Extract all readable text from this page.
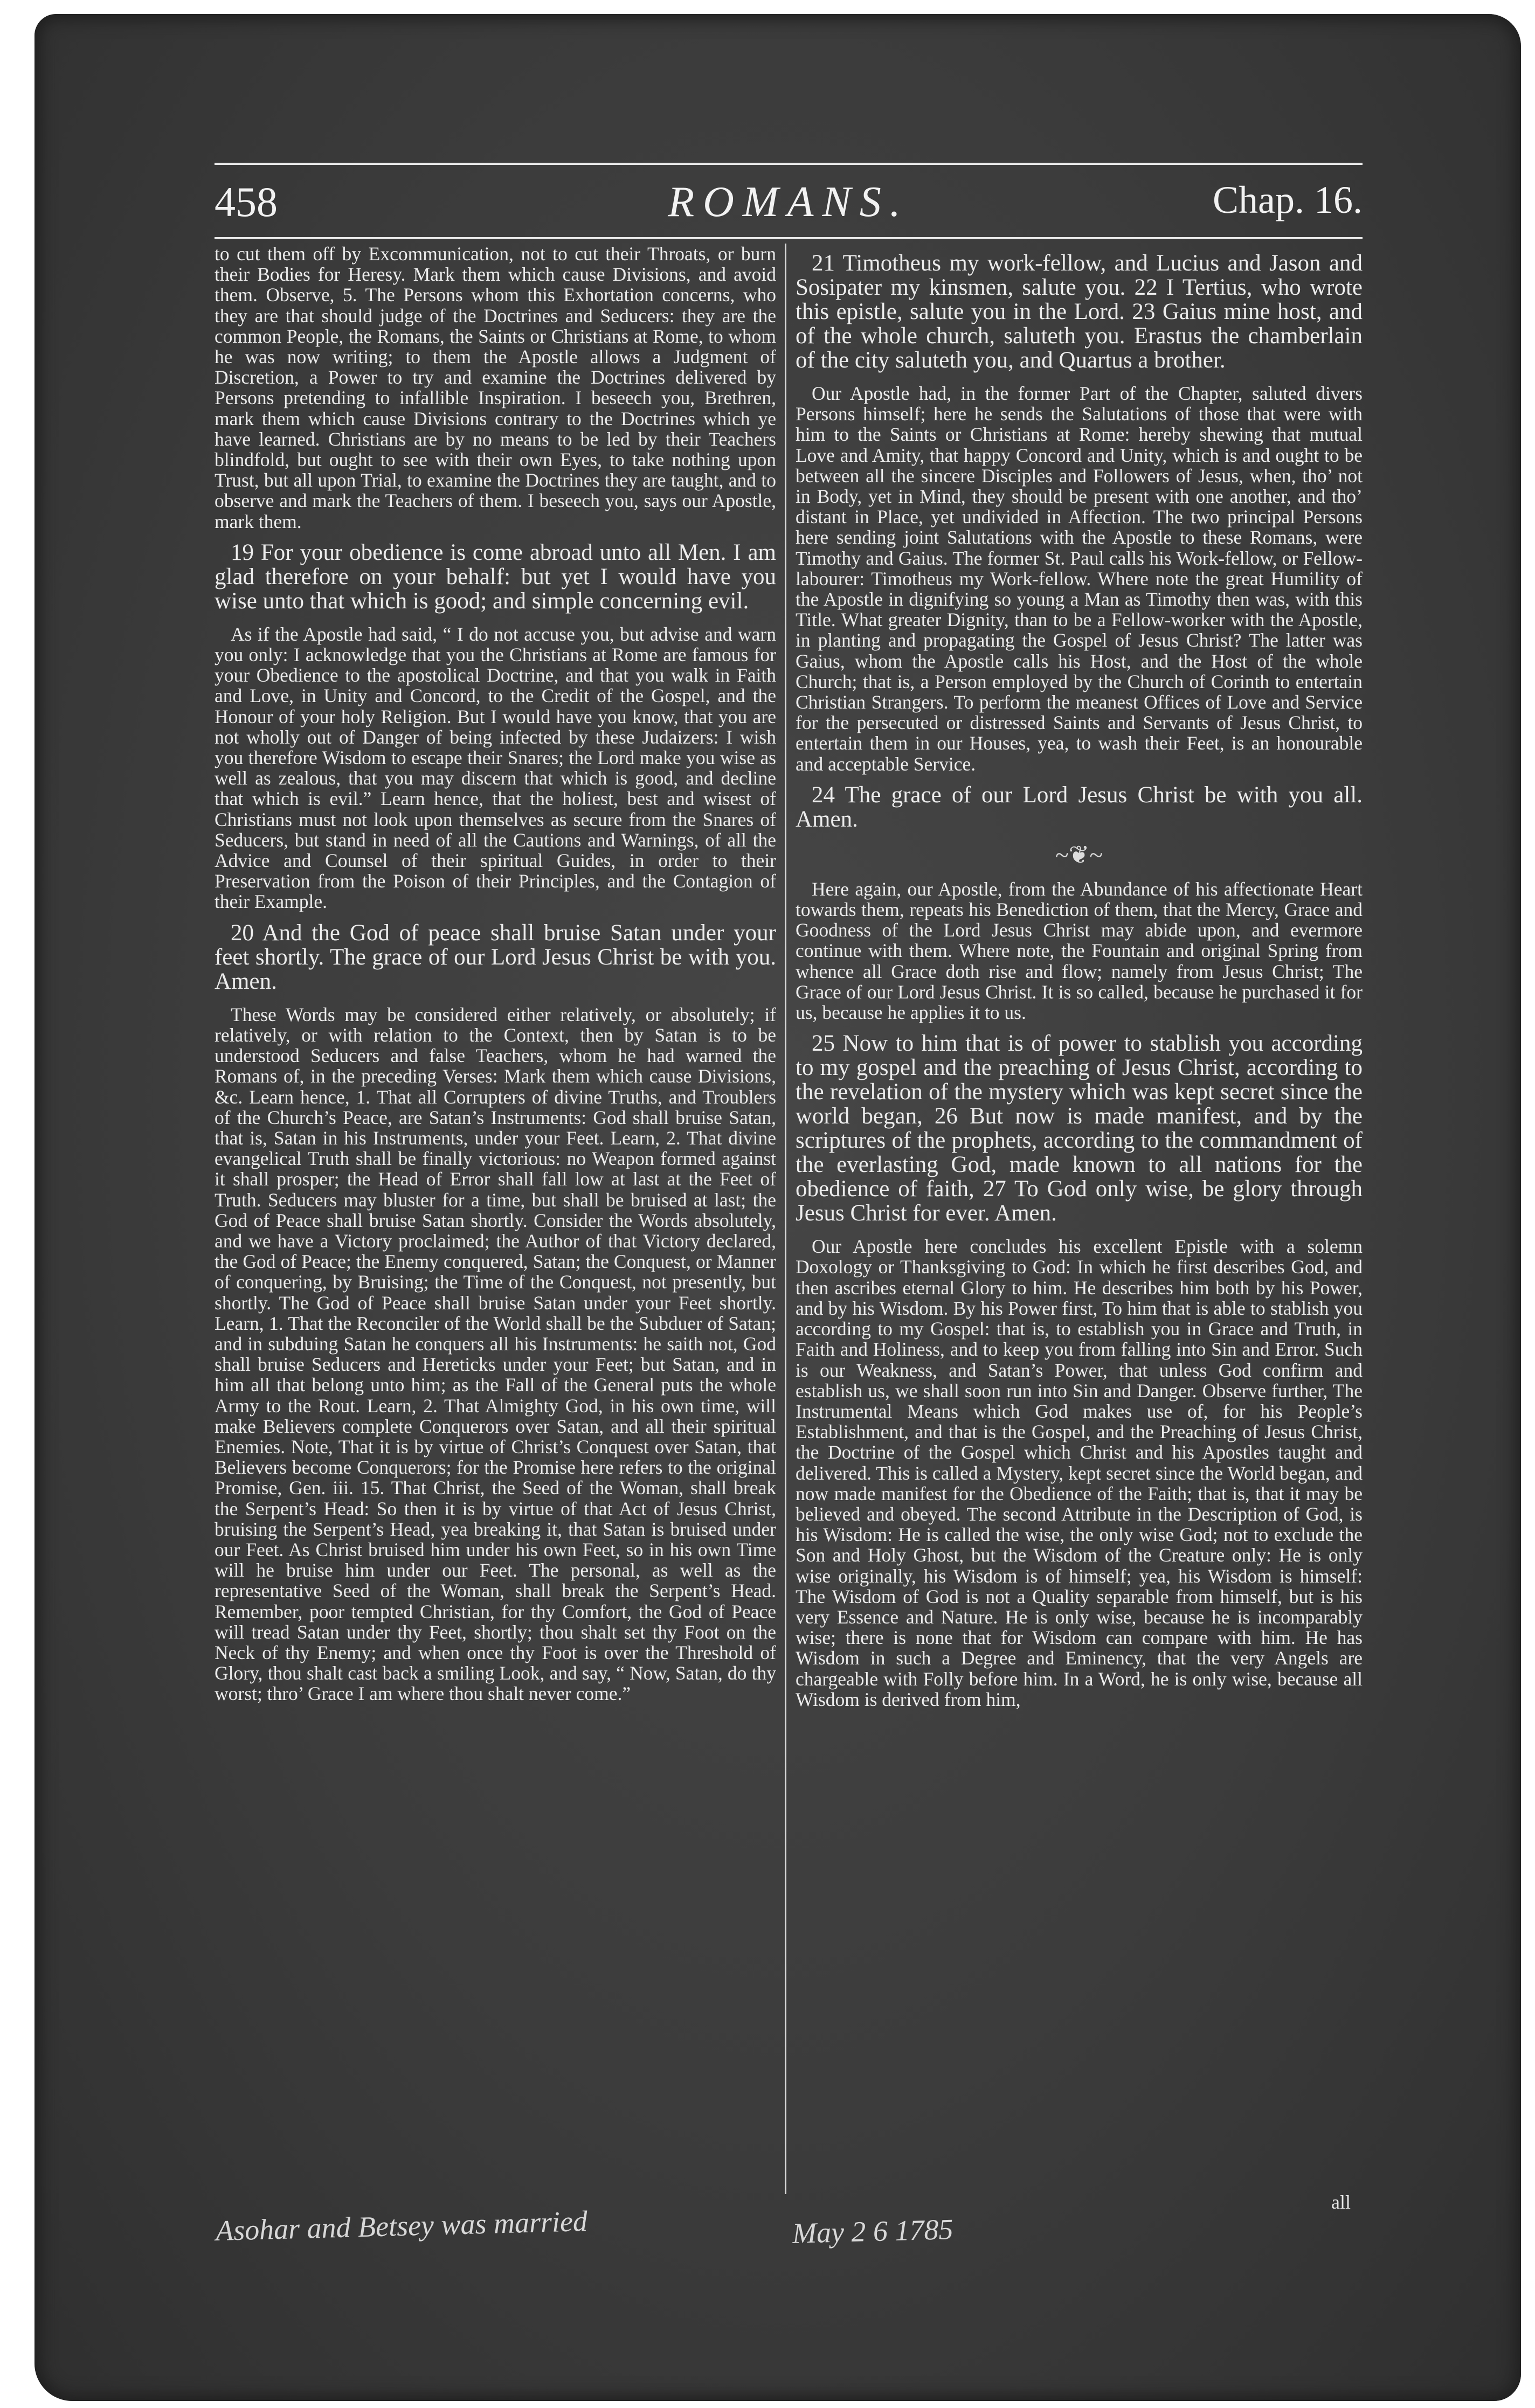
458	ROMANS.	Chap. 16.

to cut them off by Excommunication, not to cut their Throats, or burn their Bodies for Heresy. Mark them which cause Divisions, and avoid them. Observe, 5. The Persons whom this Exhortation concerns, who they are that should judge of the Doctrines and Seducers: they are the common People, the Romans, the Saints or Christians at Rome, to whom he was now writing; to them the Apostle allows a Judgment of Discretion, a Power to try and examine the Doctrines delivered by Persons pretending to infallible Inspiration. I beseech you, Brethren, mark them which cause Divisions contrary to the Doctrines which ye have learned. Christians are by no means to be led by their Teachers blindfold, but ought to see with their own Eyes, to take nothing upon Trust, but all upon Trial, to examine the Doctrines they are taught, and to observe and mark the Teachers of them. I beseech you, says our Apostle, mark them.

19 For your obedience is come abroad unto all Men. I am glad therefore on your behalf: but yet I would have you wise unto that which is good; and simple concerning evil.

As if the Apostle had said, “ I do not accuse you, but advise and warn you only: I acknowledge that you the Christians at Rome are famous for your Obedience to the apostolical Doctrine, and that you walk in Faith and Love, in Unity and Concord, to the Credit of the Gospel, and the Honour of your holy Religion. But I would have you know, that you are not wholly out of Danger of being infected by these Judaizers: I wish you therefore Wisdom to escape their Snares; the Lord make you wise as well as zealous, that you may discern that which is good, and decline that which is evil.” Learn hence, that the holiest, best and wisest of Christians must not look upon themselves as secure from the Snares of Seducers, but stand in need of all the Cautions and Warnings, of all the Advice and Counsel of their spiritual Guides, in order to their Preservation from the Poison of their Principles, and the Contagion of their Example.

20 And the God of peace shall bruise Satan under your feet shortly. The grace of our Lord Jesus Christ be with you. Amen.

These Words may be considered either relatively, or absolutely; if relatively, or with relation to the Context, then by Satan is to be understood Seducers and false Teachers, whom he had warned the Romans of, in the preceding Verses: Mark them which cause Divisions, &c. Learn hence, 1. That all Corrupters of divine Truths, and Troublers of the Church’s Peace, are Satan’s Instruments: God shall bruise Satan, that is, Satan in his Instruments, under your Feet. Learn, 2. That divine evangelical Truth shall be finally victorious: no Weapon formed against it shall prosper; the Head of Error shall fall low at last at the Feet of Truth. Seducers may bluster for a time, but shall be bruised at last; the God of Peace shall bruise Satan shortly. Consider the Words absolutely, and we have a Victory proclaimed; the Author of that Victory declared, the God of Peace; the Enemy conquered, Satan; the Conquest, or Manner of conquering, by Bruising; the Time of the Conquest, not presently, but shortly. The God of Peace shall bruise Satan under your Feet shortly. Learn, 1. That the Reconciler of the World shall be the Subduer of Satan; and in subduing Satan he conquers all his Instruments: he saith not, God shall bruise Seducers and Hereticks under your Feet; but Satan, and in him all that belong unto him; as the Fall of the General puts the whole Army to the Rout. Learn, 2. That Almighty God, in his own time, will make Believers complete Conquerors over Satan, and all their spiritual Enemies. Note, That it is by virtue of Christ’s Conquest over Satan, that Believers become Conquerors; for the Promise here refers to the original Promise, Gen. iii. 15. That Christ, the Seed of the Woman, shall break the Serpent’s Head: So then it is by virtue of that Act of Jesus Christ, bruising the Serpent’s Head, yea breaking it, that Satan is bruised under our Feet. As Christ bruised him under his own Feet, so in his own Time will he bruise him under our Feet. The personal, as well as the representative Seed of the Woman, shall break the Serpent’s Head. Remember, poor tempted Christian, for thy Comfort, the God of Peace will tread Satan under thy Feet, shortly; thou shalt set thy Foot on the Neck of thy Enemy; and when once thy Foot is over the Threshold of Glory, thou shalt cast back a smiling Look, and say, “ Now, Satan, do thy worst; thro’ Grace I am where thou shalt never come.”

21 Timotheus my work-fellow, and Lucius and Jason and Sosipater my kinsmen, salute you. 22 I Tertius, who wrote this epistle, salute you in the Lord. 23 Gaius mine host, and of the whole church, saluteth you. Erastus the chamberlain of the city saluteth you, and Quartus a brother.

Our Apostle had, in the former Part of the Chapter, saluted divers Persons himself; here he sends the Salutations of those that were with him to the Saints or Christians at Rome: hereby shewing that mutual Love and Amity, that happy Concord and Unity, which is and ought to be between all the sincere Disciples and Followers of Jesus, when, tho’ not in Body, yet in Mind, they should be present with one another, and tho’ distant in Place, yet undivided in Affection. The two principal Persons here sending joint Salutations with the Apostle to these Romans, were Timothy and Gaius. The former St. Paul calls his Work-fellow, or Fellow-labourer: Timotheus my Work-fellow. Where note the great Humility of the Apostle in dignifying so young a Man as Timothy then was, with this Title. What greater Dignity, than to be a Fellow-worker with the Apostle, in planting and propagating the Gospel of Jesus Christ? The latter was Gaius, whom the Apostle calls his Host, and the Host of the whole Church; that is, a Person employed by the Church of Corinth to entertain Christian Strangers. To perform the meanest Offices of Love and Service for the persecuted or distressed Saints and Servants of Jesus Christ, to entertain them in our Houses, yea, to wash their Feet, is an honourable and acceptable Service.

24 The grace of our Lord Jesus Christ be with you all. Amen.

~❦~

Here again, our Apostle, from the Abundance of his affectionate Heart towards them, repeats his Benediction of them, that the Mercy, Grace and Goodness of the Lord Jesus Christ may abide upon, and evermore continue with them. Where note, the Fountain and original Spring from whence all Grace doth rise and flow; namely from Jesus Christ; The Grace of our Lord Jesus Christ. It is so called, because he purchased it for us, because he applies it to us.

25 Now to him that is of power to stablish you according to my gospel and the preaching of Jesus Christ, according to the revelation of the mystery which was kept secret since the world began, 26 But now is made manifest, and by the scriptures of the prophets, according to the commandment of the everlasting God, made known to all nations for the obedience of faith, 27 To God only wise, be glory through Jesus Christ for ever. Amen.

Our Apostle here concludes his excellent Epistle with a solemn Doxology or Thanksgiving to God: In which he first describes God, and then ascribes eternal Glory to him. He describes him both by his Power, and by his Wisdom. By his Power first, To him that is able to stablish you according to my Gospel: that is, to establish you in Grace and Truth, in Faith and Holiness, and to keep you from falling into Sin and Error. Such is our Weakness, and Satan’s Power, that unless God confirm and establish us, we shall soon run into Sin and Danger. Observe further, The Instrumental Means which God makes use of, for his People’s Establishment, and that is the Gospel, and the Preaching of Jesus Christ, the Doctrine of the Gospel which Christ and his Apostles taught and delivered. This is called a Mystery, kept secret since the World began, and now made manifest for the Obedience of the Faith; that is, that it may be believed and obeyed. The second Attribute in the Description of God, is his Wisdom: He is called the wise, the only wise God; not to exclude the Son and Holy Ghost, but the Wisdom of the Creature only: He is only wise originally, his Wisdom is of himself; yea, his Wisdom is himself: The Wisdom of God is not a Quality separable from himself, but is his very Essence and Nature. He is only wise, because he is incomparably wise; there is none that for Wisdom can compare with him. He has Wisdom in such a Degree and Eminency, that the very Angels are chargeable with Folly before him. In a Word, he is only wise, because all Wisdom is derived from him,

all
Asohar and Betsey was married	May 2 6 1785
